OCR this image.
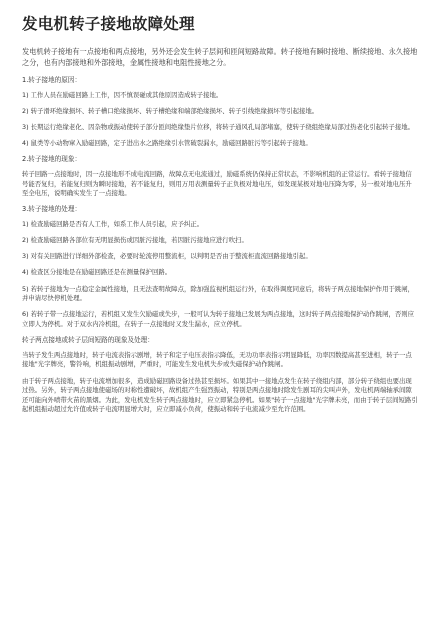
发电机转子接地故障处理
发电机转子接地有一点接地和两点接地，另外还会发生转子层间和匝间短路故障。转子接地有瞬时接地、断续接地、永久接地之分，也有内部接地和外部接地，金属性接地和电阻性接地之分。
1.转子接地的原因：
1) 工作人员在励磁回路上工作，因不慎误碰或其他原因造成转子接地。
2) 转子滑环绝缘损坏、转子槽口绝缘损坏、转子槽绝缘和端部绝缘损坏、转子引线绝缘损坏等引起接地。
3) 长期运行绝缘老化、因杂物或振动使转子部分匝间绝缘垫片位移，将转子通风孔局部堵塞，使转子绕组绝缘局部过热老化引起转子接地。
4) 鼠类等小动物窜入励磁回路，定子进出水之路绝缘引水管破裂漏水，励磁回路脏污等引起转子接地。
2.转子接地的现象：
转子回路一点接地时，因一点接地形不成电流回路，故障点无电流通过，励磁系统仍保持正常状态，不影响机组的正常运行。看转子接地信号能否复归，若能复归则为瞬时接地，若不能复归，则用万用表测量转子正负极对地电压，如发现某极对地电压降为零，另一极对地电压升至全电压，说明确实发生了一点接地。
3.转子接地的处理：
1) 检查励磁回路是否有人工作，如系工作人员引起，应予纠正。
2) 检查励磁回路各部位有无明显损伤或因脏污接地，若因脏污接地应进行吹扫。
3) 对有关回路进行详细外部检查，必要时轮流停用整流柜，以判明是否由于整流柜直流回路接地引起。
4) 检查区分接地是在励磁回路还是在测量保护回路。
5) 若转子接地为一点稳定金属性接地，且无法查明故障点，除加强监视机组运行外，在取得调度同意后，将转子两点接地保护作用于跳闸，并申请尽快停机处理。
6) 若转子带一点接地运行，若机组又发生欠励磁或失步，一般可认为转子接地已发展为两点接地，这时转子两点接地保护动作跳闸，否则应立即人为停机。对于双水内冷机组，在转子一点接地时又发生漏水，应立停机。
转子两点接地或转子层间短路的现象及处理：
当转子发生两点接地时，转子电流表指示剧增，转子和定子电压表指示降低，无功功率表指示明显降低，功率因数提高甚至进相，转子一点接地"光字牌亮，警铃响，机组振动剧增，严重时，可能发生发电机失步或失磁保护动作跳闸。
由于转子两点接地，转子电流增加很多，造成励磁回路设备过热甚至损坏。如果其中一接地点发生在转子绕组内部，部分转子绕组也要出现过热。另外，转子两点接地使磁场的对称性遭破坏，故机组产生强烈振动，特别是两点接地时除发生剧耳的尖叫声外，发电机两端轴承间隙还可能向外喷带火苗的黑烟。为此，发电机发生转子两点接地时，应立即紧急停机。如果"转子一点接地"光字牌未亮，而由于转子层间短路引起机组振动超过允许值或转子电流明显增大时，应立即减小负荷，使振动和转子电流减少至允许范围。
